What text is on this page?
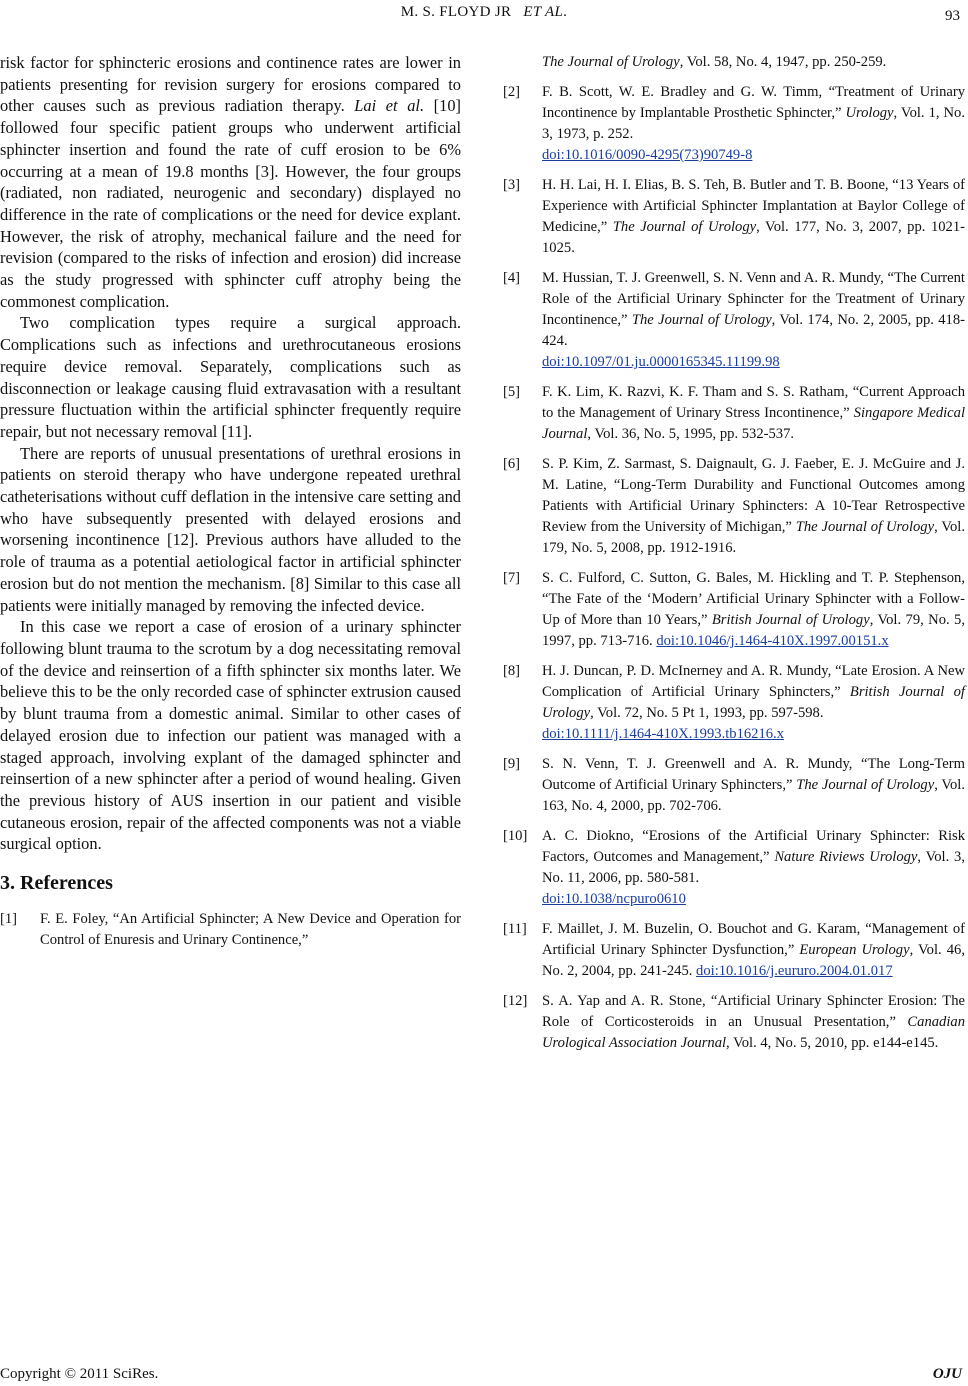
M. S. FLOYD JR ET AL.	93

risk factor for sphincteric erosions and continence rates are lower in patients presenting for revision surgery for erosions compared to other causes such as previous radiation therapy. Lai et al. [10] followed four specific patient groups who underwent artificial sphincter insertion and found the rate of cuff erosion to be 6% occurring at a mean of 19.8 months [3]. However, the four groups (radiated, non radiated, neurogenic and secondary) displayed no difference in the rate of complications or the need for device explant. However, the risk of atrophy, mechanical failure and the need for revision (compared to the risks of infection and erosion) did increase as the study progressed with sphincter cuff atrophy being the commonest complication.

Two complication types require a surgical approach. Complications such as infections and urethrocutaneous erosions require device removal. Separately, complications such as disconnection or leakage causing fluid extravasation with a resultant pressure fluctuation within the artificial sphincter frequently require repair, but not necessary removal [11].

There are reports of unusual presentations of urethral erosions in patients on steroid therapy who have undergone repeated urethral catheterisations without cuff deflation in the intensive care setting and who have subsequently presented with delayed erosions and worsening incontinence [12]. Previous authors have alluded to the role of trauma as a potential aetiological factor in artificial sphincter erosion but do not mention the mechanism. [8] Similar to this case all patients were initially managed by removing the infected device.

In this case we report a case of erosion of a urinary sphincter following blunt trauma to the scrotum by a dog necessitating removal of the device and reinsertion of a fifth sphincter six months later. We believe this to be the only recorded case of sphincter extrusion caused by blunt trauma from a domestic animal. Similar to other cases of delayed erosion due to infection our patient was managed with a staged approach, involving explant of the damaged sphincter and reinsertion of a new sphincter after a period of wound healing. Given the previous history of AUS insertion in our patient and visible cutaneous erosion, repair of the affected components was not a viable surgical option.

3. References
[1] F. E. Foley, “An Artificial Sphincter; A New Device and Operation for Control of Enuresis and Urinary Continence,”
The Journal of Urology, Vol. 58, No. 4, 1947, pp. 250-259.
[2] F. B. Scott, W. E. Bradley and G. W. Timm, “Treatment of Urinary Incontinence by Implantable Prosthetic Sphincter,” Urology, Vol. 1, No. 3, 1973, p. 252.
doi:10.1016/0090-4295(73)90749-8
[3] H. H. Lai, H. I. Elias, B. S. Teh, B. Butler and T. B. Boone, “13 Years of Experience with Artificial Sphincter Implantation at Baylor College of Medicine,” The Journal of Urology, Vol. 177, No. 3, 2007, pp. 1021-1025.
[4] M. Hussian, T. J. Greenwell, S. N. Venn and A. R. Mundy, “The Current Role of the Artificial Urinary Sphincter for the Treatment of Urinary Incontinence,” The Journal of Urology, Vol. 174, No. 2, 2005, pp. 418- 424.
doi:10.1097/01.ju.0000165345.11199.98
[5] F. K. Lim, K. Razvi, K. F. Tham and S. S. Ratham, “Current Approach to the Management of Urinary Stress Incontinence,” Singapore Medical Journal, Vol. 36, No. 5, 1995, pp. 532-537.
[6] S. P. Kim, Z. Sarmast, S. Daignault, G. J. Faeber, E. J. McGuire and J. M. Latine, “Long-Term Durability and Functional Outcomes among Patients with Artificial Urinary Sphincters: A 10-Tear Retrospective Review from the University of Michigan,” The Journal of Urology, Vol. 179, No. 5, 2008, pp. 1912-1916.
[7] S. C. Fulford, C. Sutton, G. Bales, M. Hickling and T. P. Stephenson, “The Fate of the ‘Modern’ Artificial Urinary Sphincter with a Follow-Up of More than 10 Years,” British Journal of Urology, Vol. 79, No. 5, 1997, pp. 713-716. doi:10.1046/j.1464-410X.1997.00151.x
[8] H. J. Duncan, P. D. McInerney and A. R. Mundy, “Late Erosion. A New Complication of Artificial Urinary Sphincters,” British Journal of Urology, Vol. 72, No. 5 Pt 1, 1993, pp. 597-598.
doi:10.1111/j.1464-410X.1993.tb16216.x
[9] S. N. Venn, T. J. Greenwell and A. R. Mundy, “The Long-Term Outcome of Artificial Urinary Sphincters,” The Journal of Urology, Vol. 163, No. 4, 2000, pp. 702-706.
[10] A. C. Diokno, “Erosions of the Artificial Urinary Sphincter: Risk Factors, Outcomes and Management,” Nature Riviews Urology, Vol. 3, No. 11, 2006, pp. 580-581.
doi:10.1038/ncpuro0610
[11] F. Maillet, J. M. Buzelin, O. Bouchot and G. Karam, “Management of Artificial Urinary Sphincter Dysfunction,” European Urology, Vol. 46, No. 2, 2004, pp. 241-245. doi:10.1016/j.eururo.2004.01.017
[12] S. A. Yap and A. R. Stone, “Artificial Urinary Sphincter Erosion: The Role of Corticosteroids in an Unusual Presentation,” Canadian Urological Association Journal, Vol. 4, No. 5, 2010, pp. e144-e145.
Copyright © 2011 SciRes.	OJU
